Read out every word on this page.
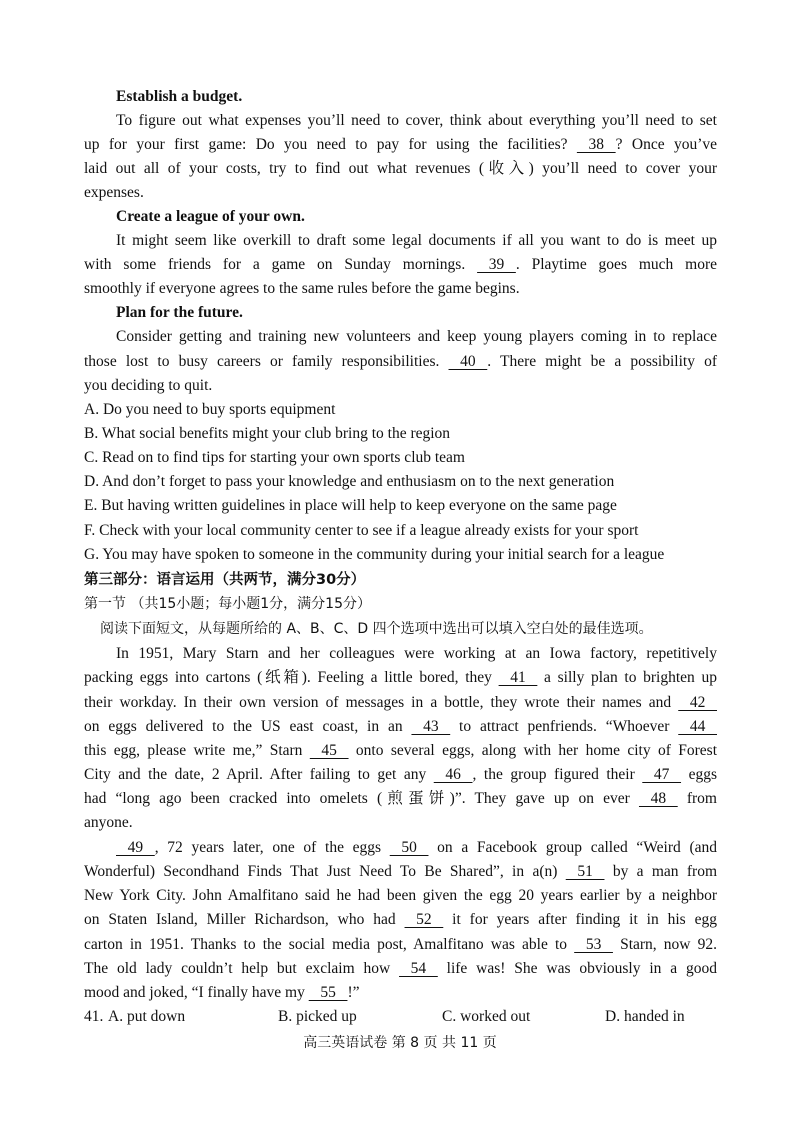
Establish a budget.
Create a league of your own.
Plan for the future.
To figure out what expenses you’ll need to cover, think about everything you’ll need to set
up for your first game: Do you need to pay for using the facilities?    38   ? Once you’ve
laid out all of your costs, try to find out what revenues (收入) you’ll need to cover your
expenses.
It might seem like overkill to draft some legal documents if all you want to do is meet up
with some friends for a game on Sunday mornings.    39   . Playtime goes much more
smoothly if everyone agrees to the same rules before the game begins.
Consider getting and training new volunteers and keep young players coming in to replace
those lost to busy careers or family responsibilities.    40   . There might be a possibility of
you deciding to quit.
A. Do you need to buy sports equipment
B. What social benefits might your club bring to the region
C. Read on to find tips for starting your own sports club team
D. And don’t forget to pass your knowledge and enthusiasm on to the next generation
E. But having written guidelines in place will help to keep everyone on the same page
F. Check with your local community center to see if a league already exists for your sport
G. You may have spoken to someone in the community during your initial search for a league
第三部分：语言运用（共两节，满分30分）
第一节 （共15小题；每小题1分，满分15分）
阅读下面短文，从每题所给的 A、B、C、D 四个选项中选出可以填入空白处的最佳选项。
In 1951, Mary Starn and her colleagues were working at an Iowa factory, repetitively
packing eggs into cartons (纸箱). Feeling a little bored, they    41    a silly plan to brighten up
their workday. In their own version of messages in a bottle, they wrote their names and    42
on eggs delivered to the US east coast, in an    43    to attract penfriends. “Whoever    44
this egg, please write me,” Starn    45    onto several eggs, along with her home city of Forest
City and the date, 2 April. After failing to get any    46   , the group figured their    47    eggs
had “long ago been cracked into omelets (煎蛋饼)”. They gave up on ever    48    from
anyone.
49   , 72 years later, one of the eggs    50    on a Facebook group called “Weird (and
Wonderful) Secondhand Finds That Just Need To Be Shared”, in a(n)    51    by a man from
New York City. John Amalfitano said he had been given the egg 20 years earlier by a neighbor
on Staten Island, Miller Richardson, who had    52    it for years after finding it in his egg
carton in 1951. Thanks to the social media post, Amalfitano was able to    53    Starn, now 92.
The old lady couldn’t help but exclaim how    54    life was! She was obviously in a good
mood and joked, “I finally have my    55   !”
41. A. put down	B. picked up	C. worked out	D. handed in
高三英语试卷 第 8 页 共 11 页
